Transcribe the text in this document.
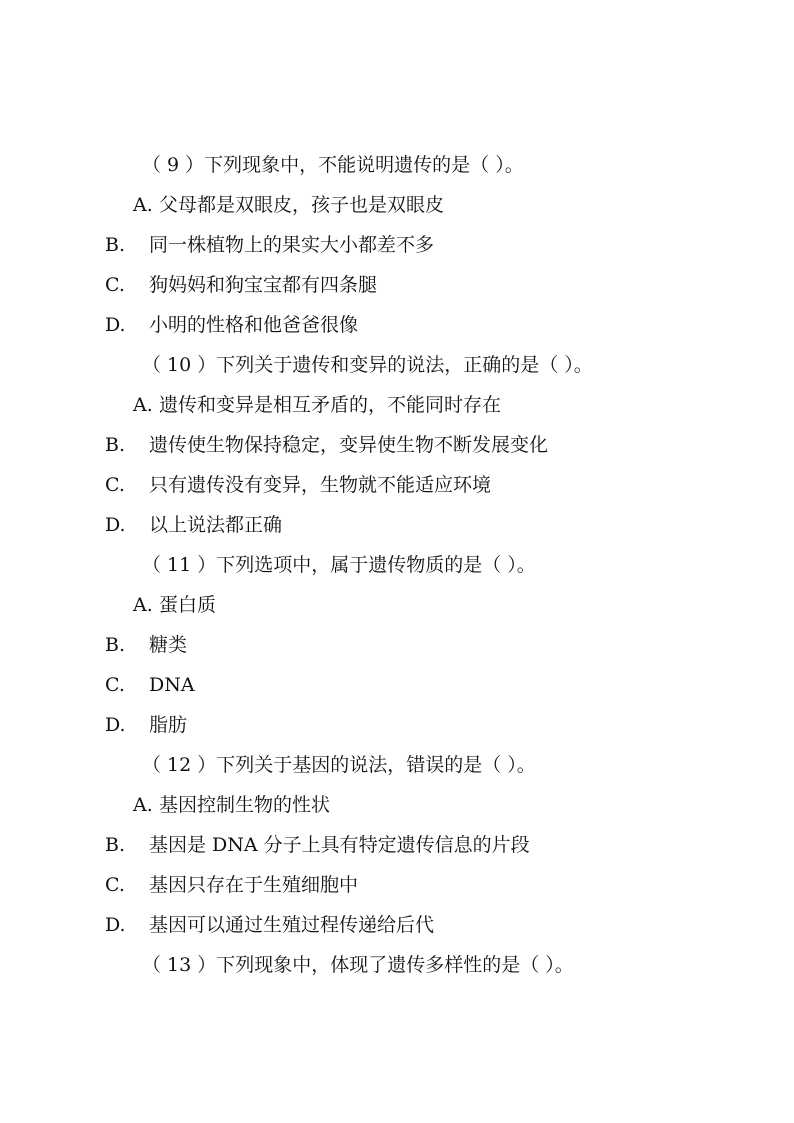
（ 9 ）下列现象中，不能说明遗传的是（ ）。
A. 父母都是双眼皮，孩子也是双眼皮
B. 同一株植物上的果实大小都差不多
C. 狗妈妈和狗宝宝都有四条腿
D. 小明的性格和他爸爸很像
（ 10 ）下列关于遗传和变异的说法，正确的是（ ）。
A. 遗传和变异是相互矛盾的，不能同时存在
B. 遗传使生物保持稳定，变异使生物不断发展变化
C. 只有遗传没有变异，生物就不能适应环境
D. 以上说法都正确
（ 11 ）下列选项中，属于遗传物质的是（ ）。
A. 蛋白质
B. 糖类
C. DNA
D. 脂肪
（ 12 ）下列关于基因的说法，错误的是（ ）。
A. 基因控制生物的性状
B. 基因是 DNA 分子上具有特定遗传信息的片段
C. 基因只存在于生殖细胞中
D. 基因可以通过生殖过程传递给后代
（ 13 ）下列现象中，体现了遗传多样性的是（ ）。
